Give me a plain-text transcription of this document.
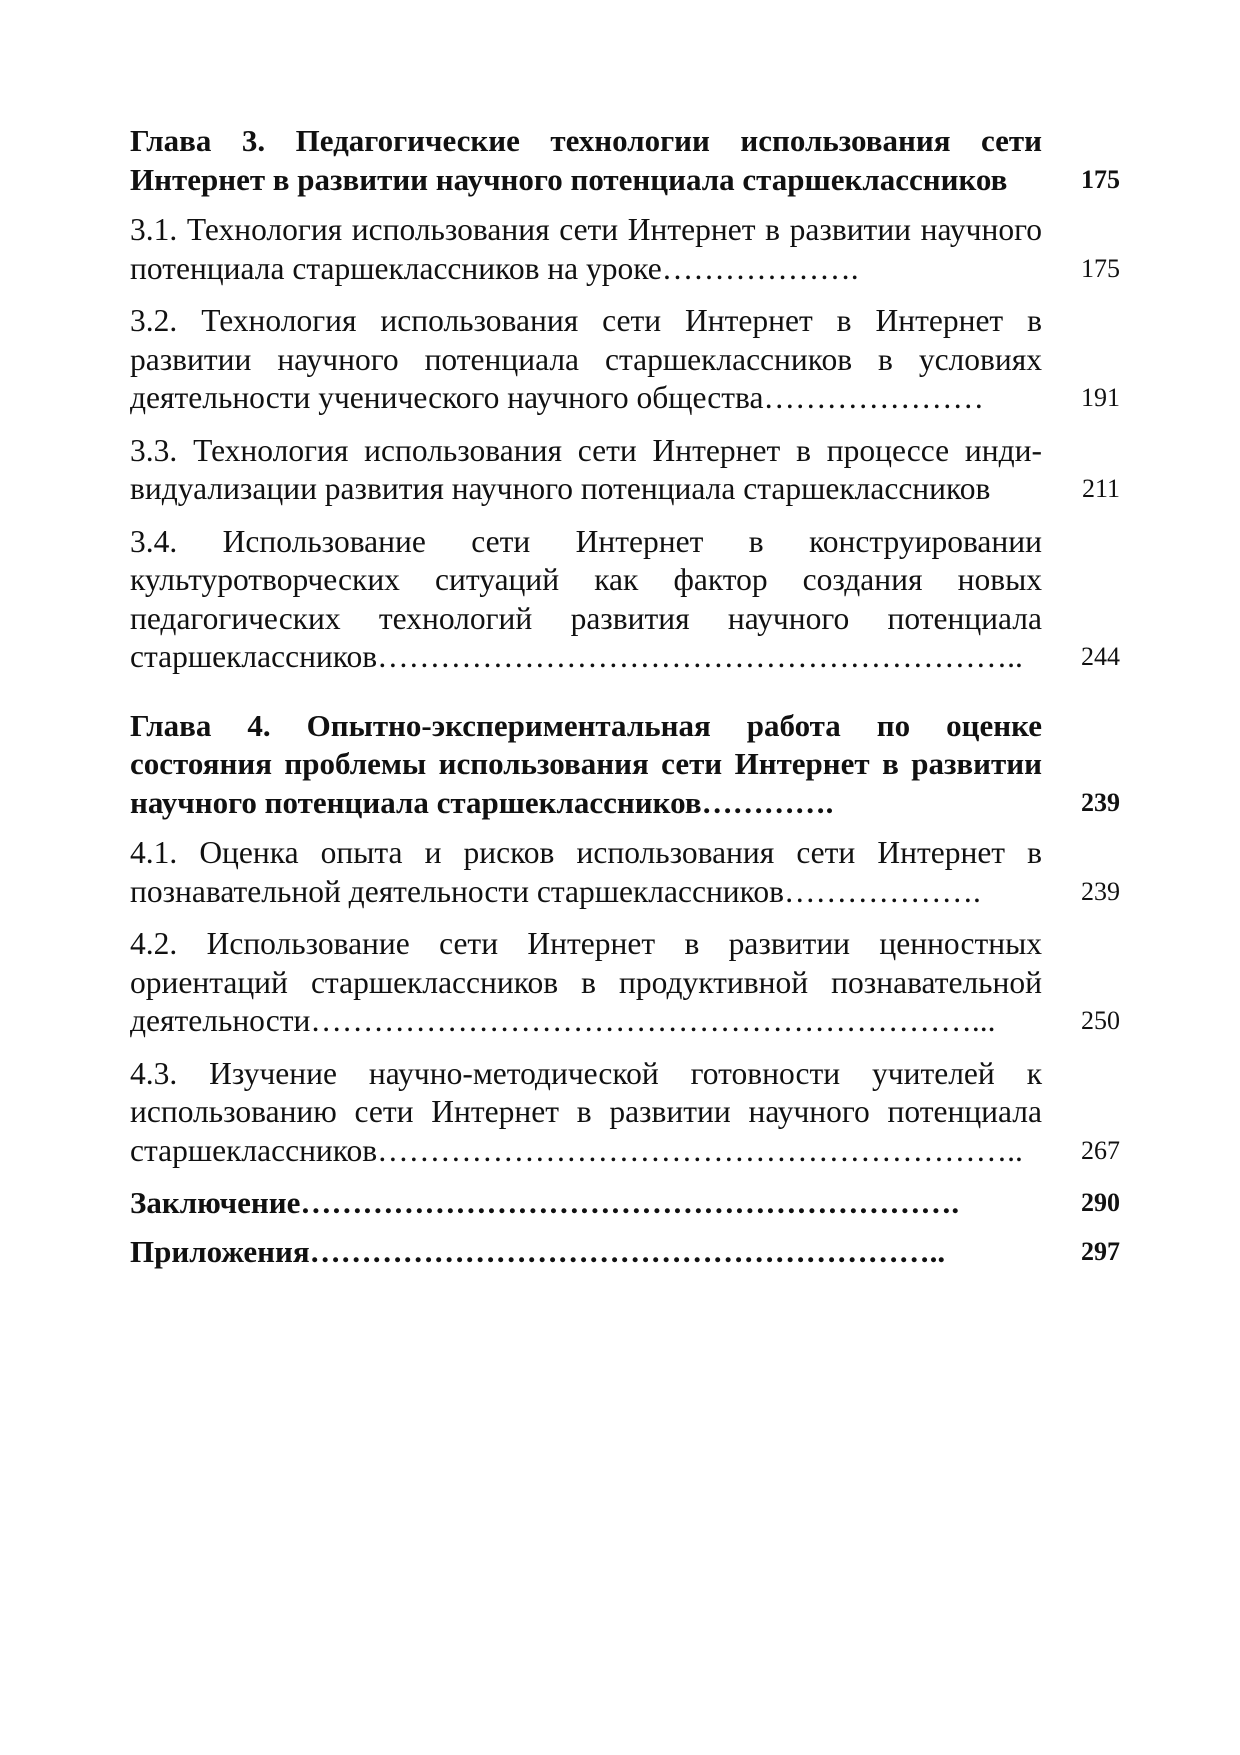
Глава 3. Педагогические технологии использования сети Интернет в развитии научного потенциала старшеклассников	175
3.1. Технология использования сети Интернет в развитии научного потенциала старшеклассников на уроке……………….	175
3.2. Технология использования сети Интернет в Интернет в развитии научного потенциала старшеклассников в условиях деятельности ученического научного общества…………………	191
3.3. Технология использования сети Интернет в процессе инди-видуализации развития научного потенциала старшеклассников	211
3.4. Использование сети Интернет в конструировании культуротворческих ситуаций как фактор создания новых педагогических технологий развития научного потенциала старшеклассников……………………………………………………..	244
Глава 4. Опытно-экспериментальная работа по оценке состояния проблемы использования сети Интернет в развитии научного потенциала старшеклассников………….	239
4.1. Оценка опыта и рисков использования сети Интернет в познавательной деятельности старшеклассников……………….	239
4.2. Использование сети Интернет в развитии ценностных ориентаций старшеклассников в продуктивной познавательной деятельности………………………………………………………...	250
4.3. Изучение научно-методической готовности учителей к использованию сети Интернет в развитии научного потенциала старшеклассников……………………………………………………..	267
Заключение……………………………………………………….	290
Приложения……………………………………………………..	297
